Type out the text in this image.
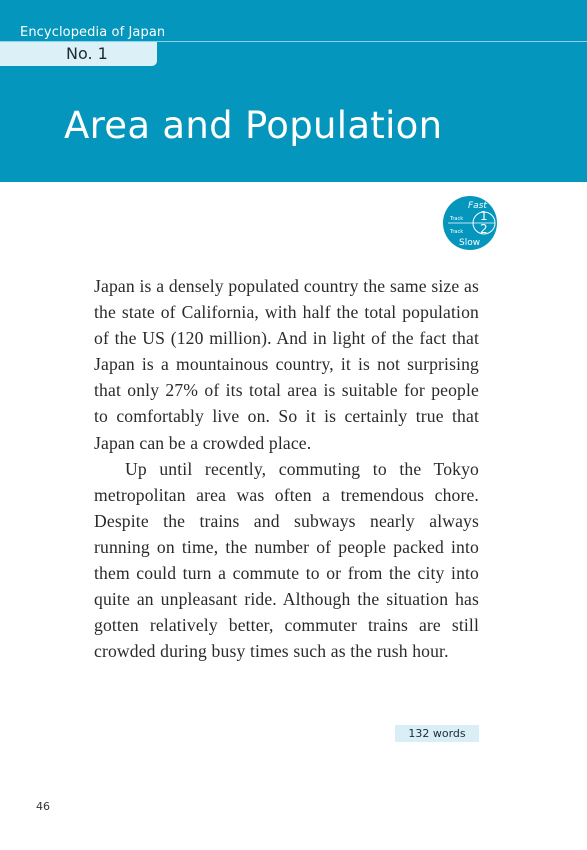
Encyclopedia of Japan
No. 1
Area and Population
Fast
Track 1
Track 2
Slow

Japan is a densely populated country the same size as the state of California, with half the total population of the US (120 million). And in light of the fact that Japan is a mountainous country, it is not surprising that only 27% of its total area is suitable for people to comfortably live on. So it is certainly true that Japan can be a crowded place.

Up until recently, commuting to the Tokyo metropolitan area was often a tremendous chore. Despite the trains and subways nearly always running on time, the number of people packed into them could turn a commute to or from the city into quite an unpleasant ride. Although the situation has gotten relatively better, commuter trains are still crowded during busy times such as the rush hour.

132 words
46
